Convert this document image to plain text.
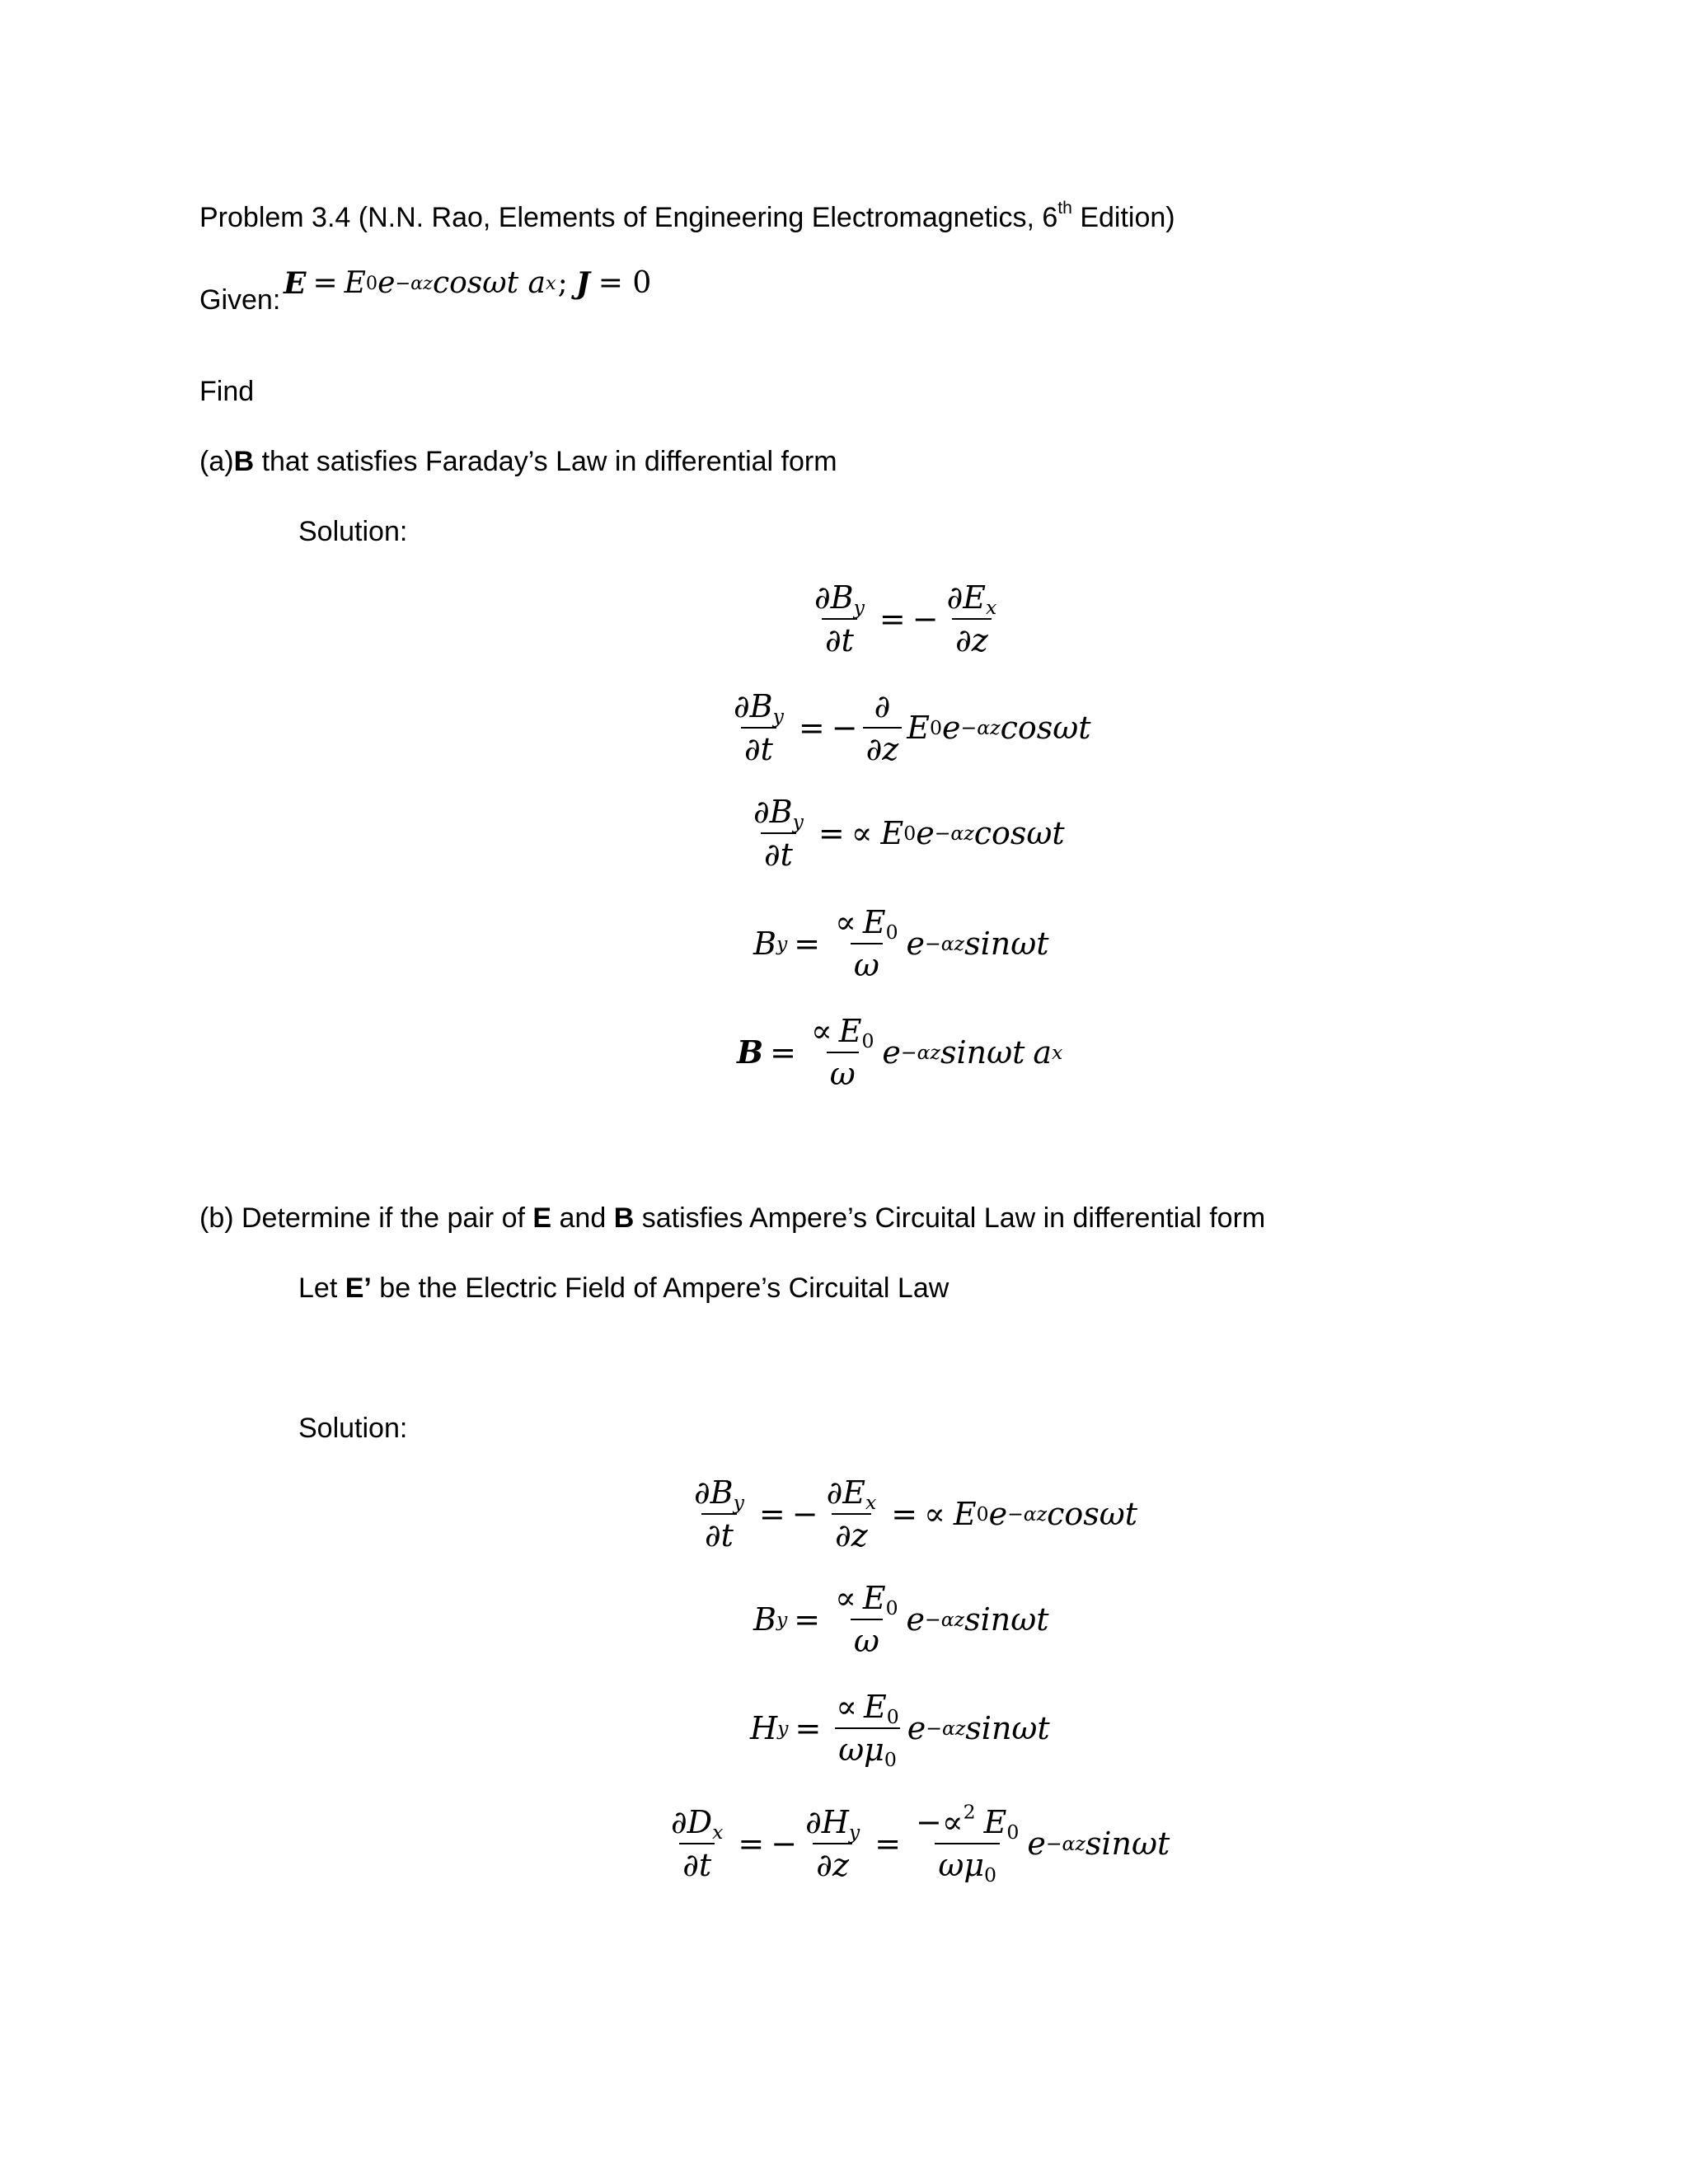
Problem 3.4 (N.N. Rao, Elements of Engineering Electromagnetics, 6th Edition)
Given: E = E 0 e −αz cosωt a x ; J = 0
Find
(a)B that satisfies Faraday’s Law in differential form
Solution:
$\frac{\partial B_y}{\partial t}$ = − $\frac{\partial E_x}{\partial z}$
$\frac{\partial B_y}{\partial t}$ = − $\frac{\partial}{\partial z}$ E 0 e −αz cosωt
$\frac{\partial B_y}{\partial t}$ = ∝ E 0 e −αz cosωt
B $y = \frac{\propto E_0}{\omega}$ e −αz sinωt
$B = \frac{\propto E_0}{\omega}$ e −αz sinωt a x
(b) Determine if the pair of E and B satisfies Ampere’s Circuital Law in differential form
Let E’ be the Electric Field of Ampere’s Circuital Law
Solution:
$\frac{\partial B_y}{\partial t}$ = − $\frac{\partial E_x}{\partial z}$ = ∝ E 0 e −αz cosωt
B $y = \frac{\propto E_0}{\omega}$ e −αz sinωt
H $y = \frac{\propto E_0}{\omega\mu_0}$ e −αz sinωt
$\frac{\partial D_x}{\partial t}$ = − $\frac{\partial H_y}{\partial z} = \frac{-\propto^2 E_0}{\omega\mu_0}$ e −αz sinωt
